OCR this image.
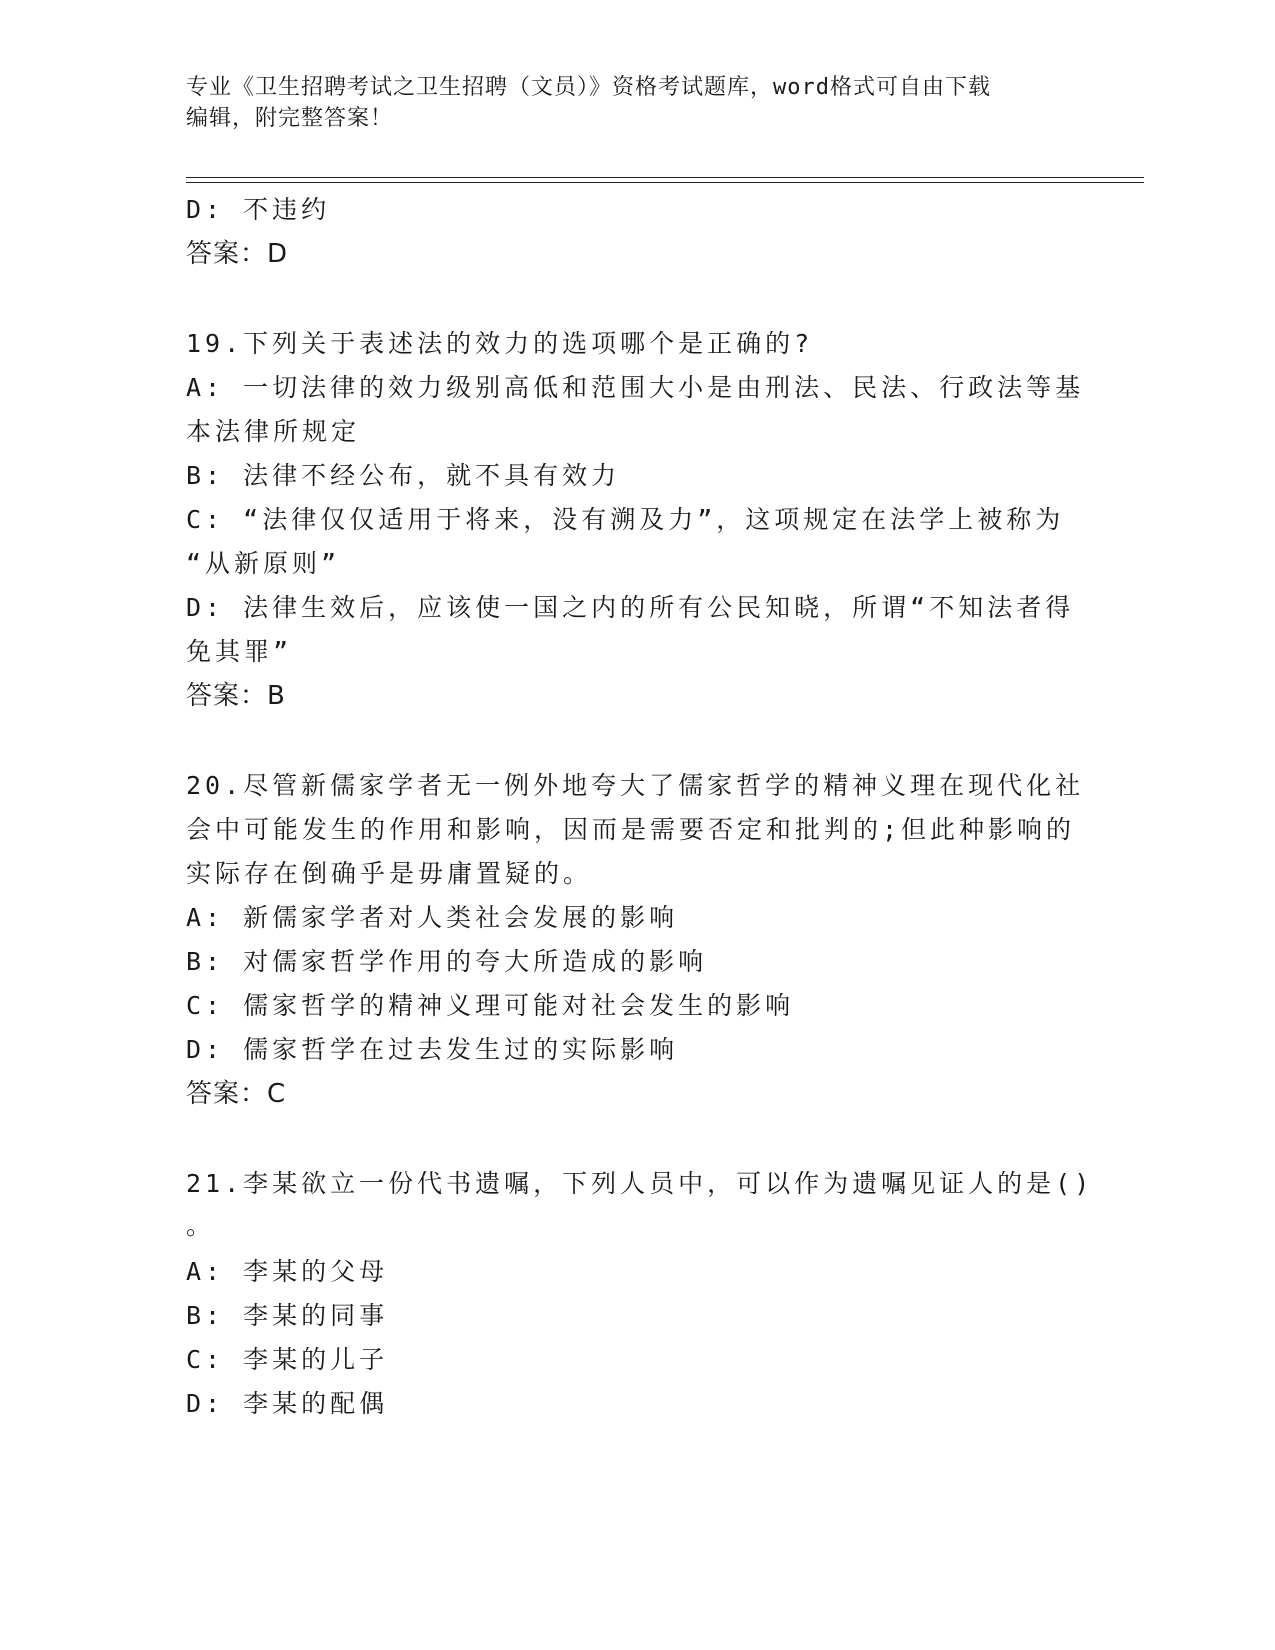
专业《卫生招聘考试之卫生招聘（文员）》资格考试题库，word格式可自由下载
编辑，附完整答案！
D: 不违约
答案：D
19.下列关于表述法的效力的选项哪个是正确的?
A: 一切法律的效力级别高低和范围大小是由刑法、民法、行政法等基
本法律所规定
B: 法律不经公布，就不具有效力
C: “法律仅仅适用于将来，没有溯及力”，这项规定在法学上被称为
“从新原则”
D: 法律生效后，应该使一国之内的所有公民知晓，所谓“不知法者得
免其罪”
答案：B
20.尽管新儒家学者无一例外地夸大了儒家哲学的精神义理在现代化社
会中可能发生的作用和影响，因而是需要否定和批判的;但此种影响的
实际存在倒确乎是毋庸置疑的。
A: 新儒家学者对人类社会发展的影响
B: 对儒家哲学作用的夸大所造成的影响
C: 儒家哲学的精神义理可能对社会发生的影响
D: 儒家哲学在过去发生过的实际影响
答案：C
21.李某欲立一份代书遗嘱，下列人员中，可以作为遗嘱见证人的是()
。
A: 李某的父母
B: 李某的同事
C: 李某的儿子
D: 李某的配偶
